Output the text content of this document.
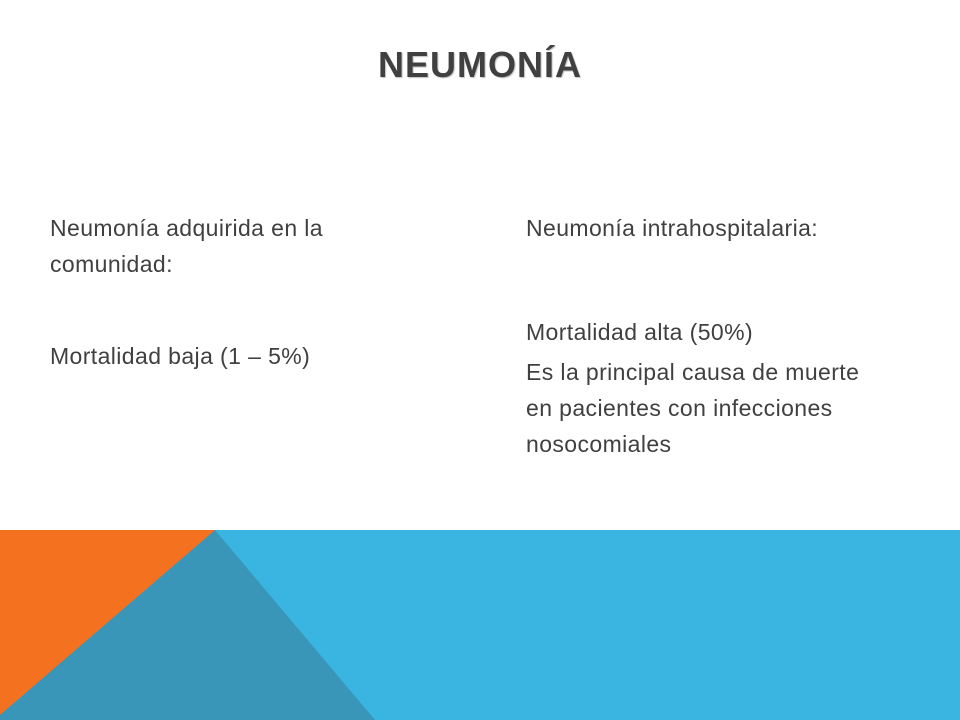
NEUMONÍA

Neumonía adquirida en la comunidad:

Mortalidad baja (1 – 5%)

Neumonía intrahospitalaria:

Mortalidad alta (50%)

Es la principal causa de muerte en pacientes con infecciones nosocomiales
